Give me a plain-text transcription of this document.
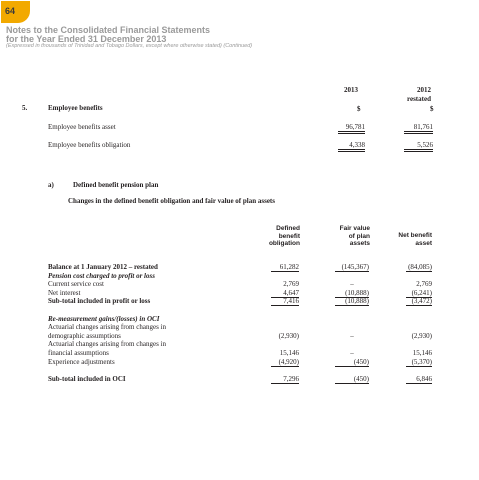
64
Notes to the Consolidated Financial Statements
for the Year Ended 31 December 2013
(Expressed in thousands of Trinidad and Tobago Dollars, except where otherwise stated) (Continued)
2013	2012
restated
$	$
5.	Employee benefits
Employee benefits asset	96,781	81,761
Employee benefits obligation	4,338	5,526
a)	Defined benefit pension plan
Changes in the defined benefit obligation and fair value of plan assets
Defined
benefit
obligation
Fair value
of plan
assets
Net benefit
asset
Balance at 1 January 2012 – restated	61,282	(145,367)	(84,085)
Pension cost charged to profit or loss
Current service cost	2,769	–	2,769
Net interest	4,647	(10,888)	(6,241)
Sub-total included in profit or loss	7,416	(10,888)	(3,472)
Re-measurement gains/(losses) in OCI
Actuarial changes arising from changes in
demographic assumptions	(2,930)	–	(2,930)
Actuarial changes arising from changes in
financial assumptions	15,146	–	15,146
Experience adjustments	(4,920)	(450)	(5,370)
Sub-total included in OCI	7,296	(450)	6,846
